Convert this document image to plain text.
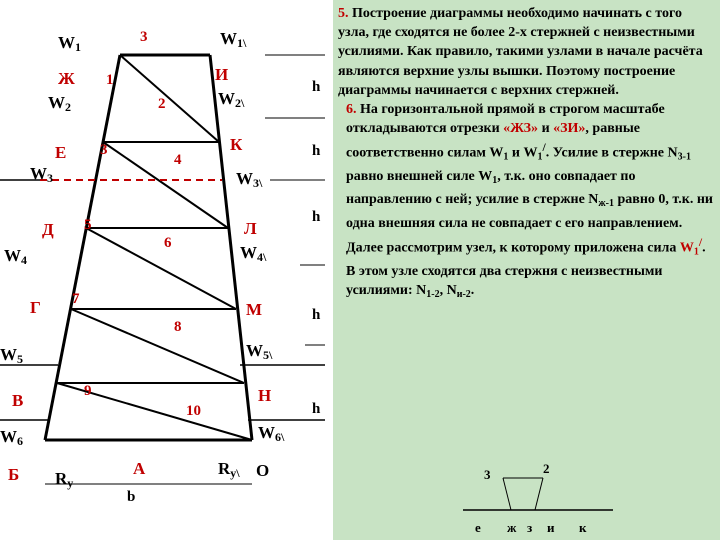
W1	W1\
W2	W2\
W3	W3\
W4	W4\
W5	W5\
W6	W6\
Ж	И
Е	К
Д	Л
Г	М
В	Н
Б	А	О
3
1
2
3
4
5
6
7
8
9
10
h
h
h
h
h
Ry
Ry\
b

5. Построение диаграммы необходимо начинать с того узла, где сходятся не более 2-х стержней с неизвестными усилиями. Как правило, такими узлами в начале расчёта являются верхние узлы вышки. Поэтому построение диаграммы начинается с верхних стержней.

6. На горизонтальной прямой в строгом масштабе откладываются отрезки «ЖЗ» и «ЗИ», равные соответственно силам $W_1$ и $W_1^/$. Усилие в стержне $N_{3-1}$ равно внешней силе $W_1$, т.к. оно совпадает по направлению с ней; усилие в стержне $N_{ж-1}$ равно 0, т.к. ни одна внешняя сила не совпадает с его направлением.

Далее рассмотрим узел, к которому приложена сила $W_1^/$. В этом узле сходятся два стержня с неизвестными усилиями: $N_{1-2}$, $N_{и-2}$.

3	2
е ж з и к
